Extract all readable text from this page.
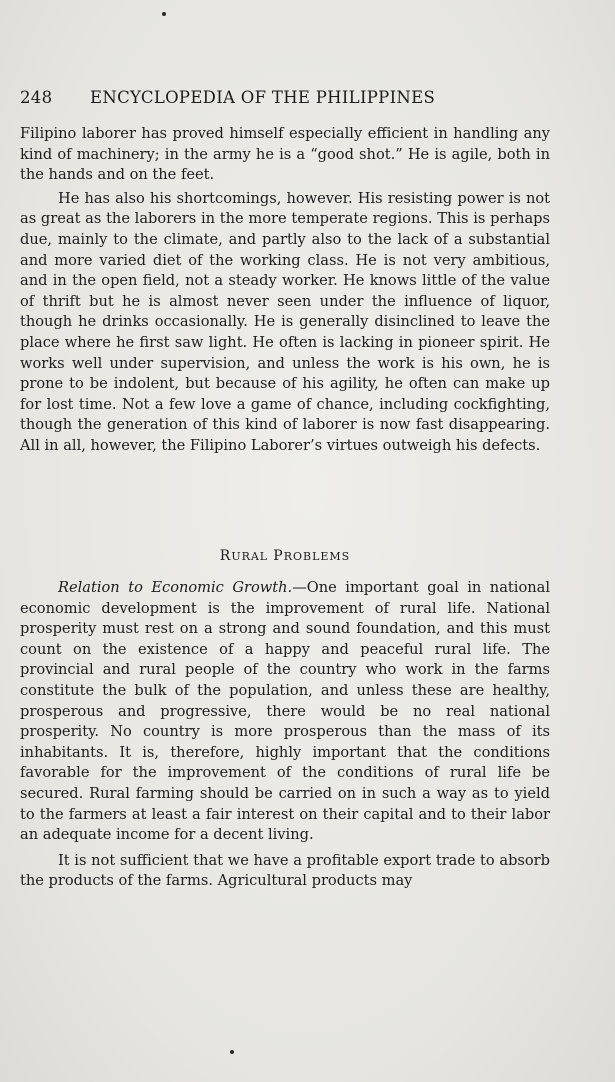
248 ENCYCLOPEDIA OF THE PHILIPPINES

Filipino laborer has proved himself especially efficient in handling any kind of machinery; in the army he is a “good shot.” He is agile, both in the hands and on the feet.

He has also his shortcomings, however. His resisting power is not as great as the laborers in the more temperate regions. This is perhaps due, mainly to the climate, and partly also to the lack of a substantial and more varied diet of the working class. He is not very ambitious, and in the open field, not a steady worker. He knows little of the value of thrift but he is almost never seen under the influence of liquor, though he drinks occasionally. He is generally disinclined to leave the place where he first saw light. He often is lacking in pioneer spirit. He works well under supervision, and unless the work is his own, he is prone to be indolent, but because of his agility, he often can make up for lost time. Not a few love a game of chance, including cockfighting, though the generation of this kind of laborer is now fast disappearing. All in all, however, the Filipino Laborer’s virtues outweigh his defects.

RURAL PROBLEMS

Relation to Economic Growth.—One important goal in national economic development is the improvement of rural life. National prosperity must rest on a strong and sound foundation, and this must count on the existence of a happy and peaceful rural life. The provincial and rural people of the country who work in the farms constitute the bulk of the population, and unless these are healthy, prosperous and progressive, there would be no real national prosperity. No country is more prosperous than the mass of its inhabitants. It is, therefore, highly important that the conditions favorable for the improvement of the conditions of rural life be secured. Rural farming should be carried on in such a way as to yield to the farmers at least a fair interest on their capital and to their labor an adequate income for a decent living.

It is not sufficient that we have a profitable export trade to absorb the products of the farms. Agricultural products may
